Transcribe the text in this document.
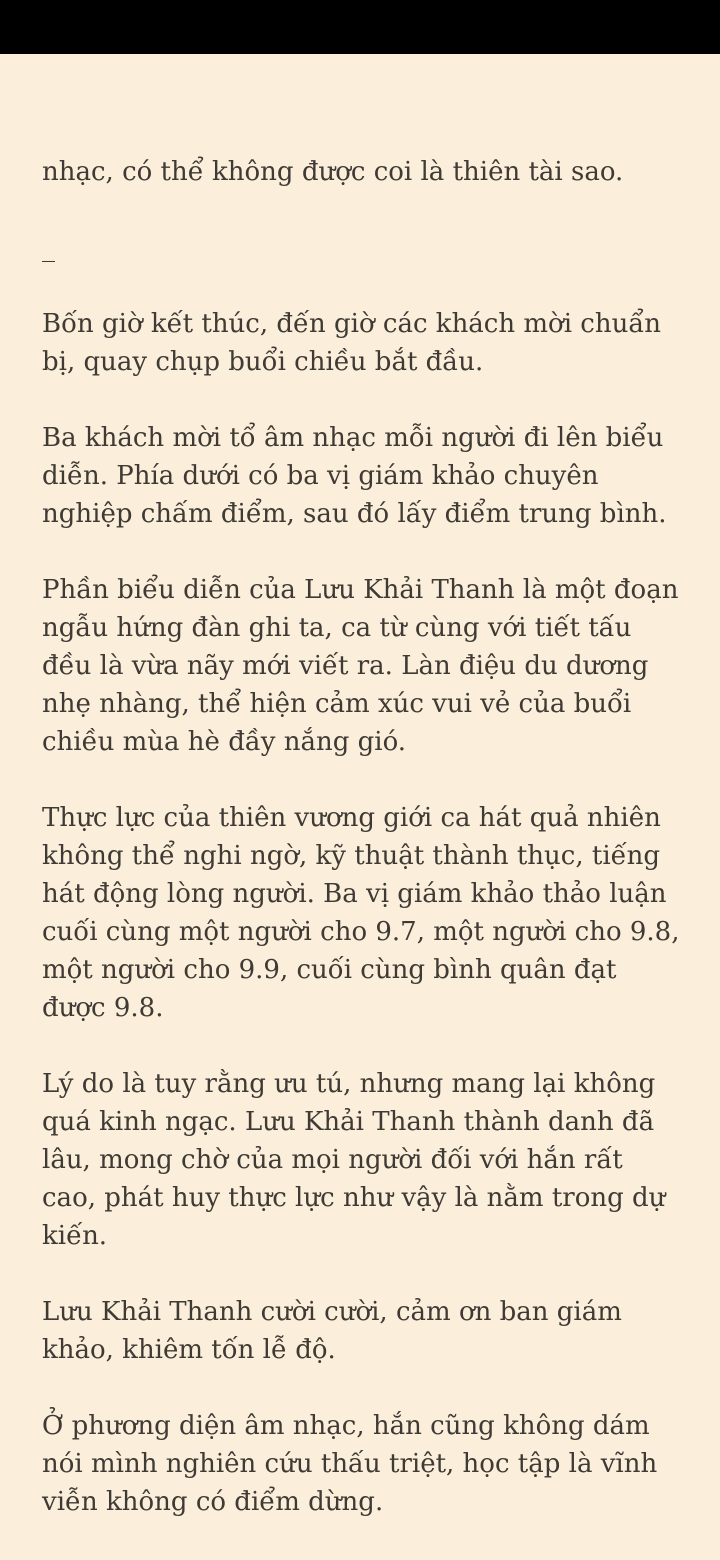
nhạc, có thể không được coi là thiên tài sao.

_

Bốn giờ kết thúc, đến giờ các khách mời chuẩn bị, quay chụp buổi chiều bắt đầu.

Ba khách mời tổ âm nhạc mỗi người đi lên biểu diễn. Phía dưới có ba vị giám khảo chuyên nghiệp chấm điểm, sau đó lấy điểm trung bình.

Phần biểu diễn của Lưu Khải Thanh là một đoạn ngẫu hứng đàn ghi ta, ca từ cùng với tiết tấu đều là vừa nãy mới viết ra. Làn điệu du dương nhẹ nhàng, thể hiện cảm xúc vui vẻ của buổi chiều mùa hè đầy nắng gió.

Thực lực của thiên vương giới ca hát quả nhiên không thể nghi ngờ, kỹ thuật thành thục, tiếng hát động lòng người. Ba vị giám khảo thảo luận cuối cùng một người cho 9.7, một người cho 9.8, một người cho 9.9, cuối cùng bình quân đạt được 9.8.

Lý do là tuy rằng ưu tú, nhưng mang lại không quá kinh ngạc. Lưu Khải Thanh thành danh đã lâu, mong chờ của mọi người đối với hắn rất cao, phát huy thực lực như vậy là nằm trong dự kiến.

Lưu Khải Thanh cười cười, cảm ơn ban giám khảo, khiêm tốn lễ độ.

Ở phương diện âm nhạc, hắn cũng không dám nói mình nghiên cứu thấu triệt, học tập là vĩnh viễn không có điểm dừng.
